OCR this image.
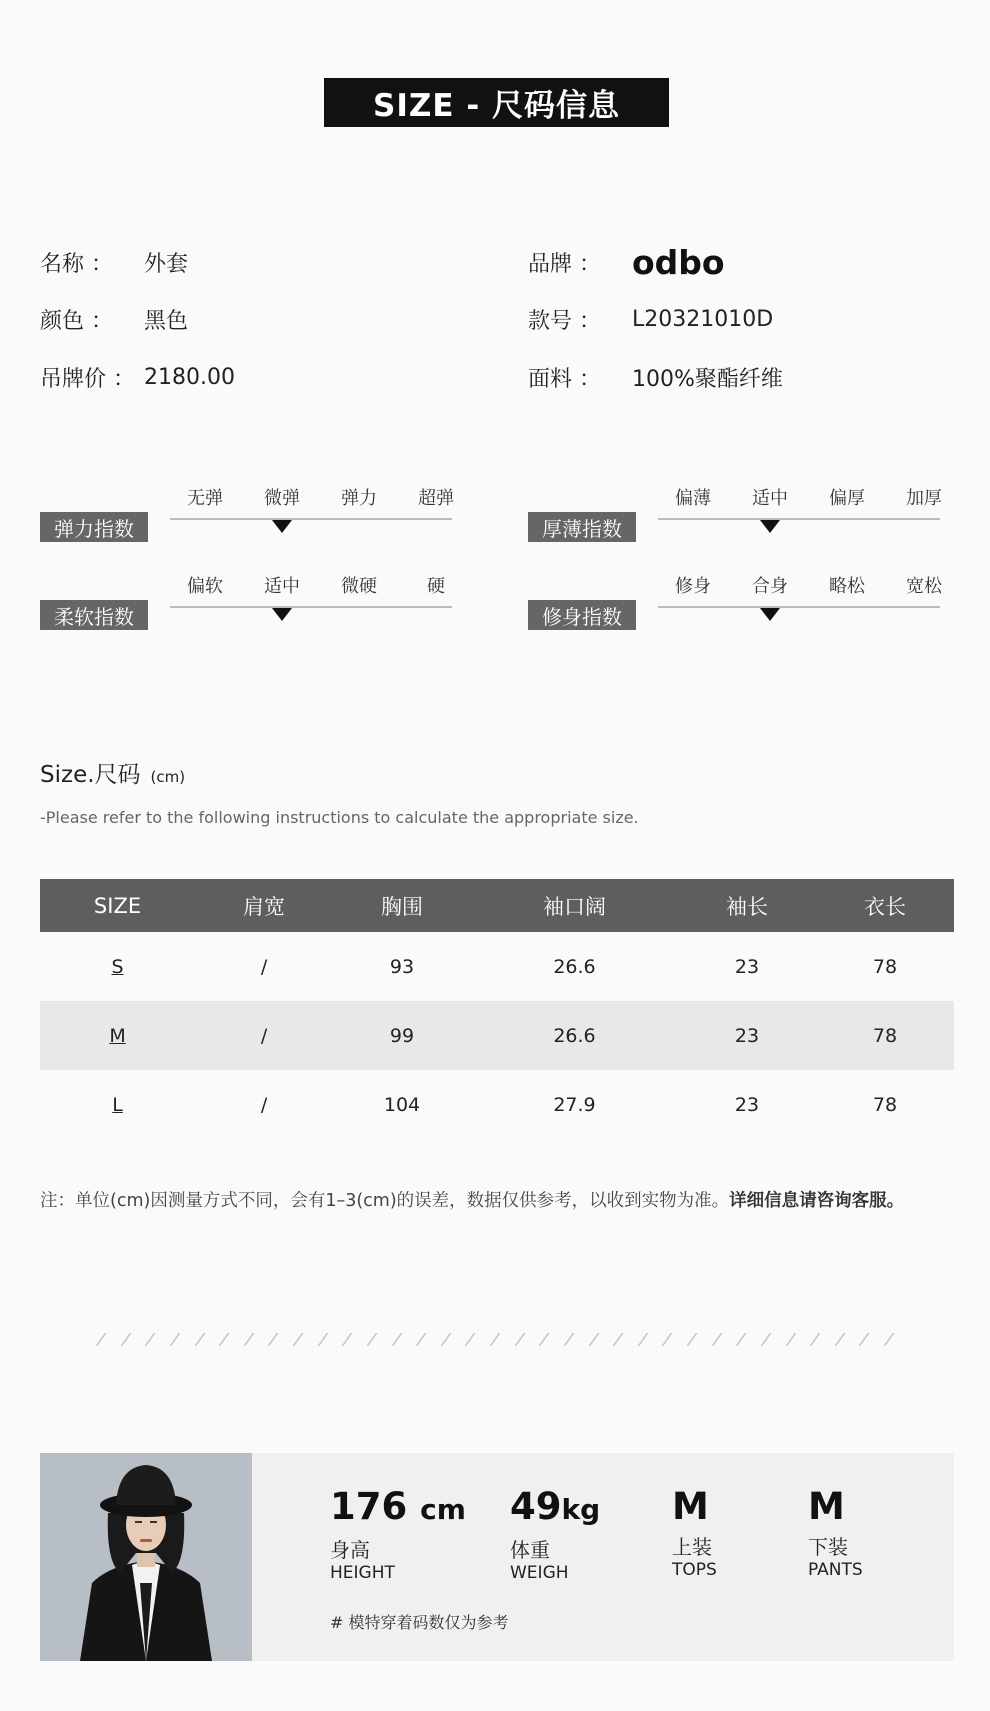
SIZE - 尺码信息
名称 ：	外套
颜色 ：	黑色
吊牌价 ： 2180.00
品牌 ： odbo
款号 ：	L20321010D
面料 ：	100%聚酯纤维
弹力指数
无弹	微弹	弹力	超弹
厚薄指数
偏薄	适中	偏厚	加厚
柔软指数
偏软	适中	微硬	硬
修身指数
修身	合身	略松	宽松
Size.尺码 (cm)
-Please refer to the following instructions to calculate the appropriate size.
SIZE	肩宽	胸围	袖口阔	袖长	衣长
S	/	93	26.6	23	78
M	/	99	26.6	23	78
L	/	104	27.9	23	78
注：单位(cm)因测量方式不同，会有1–3(cm)的误差，数据仅供参考，以收到实物为准。详细信息请咨询客服。
176 cm
身高
HEIGHT
49kg
体重
WEIGH
M
上装
TOPS
M
下装
PANTS
# 模特穿着码数仅为参考
